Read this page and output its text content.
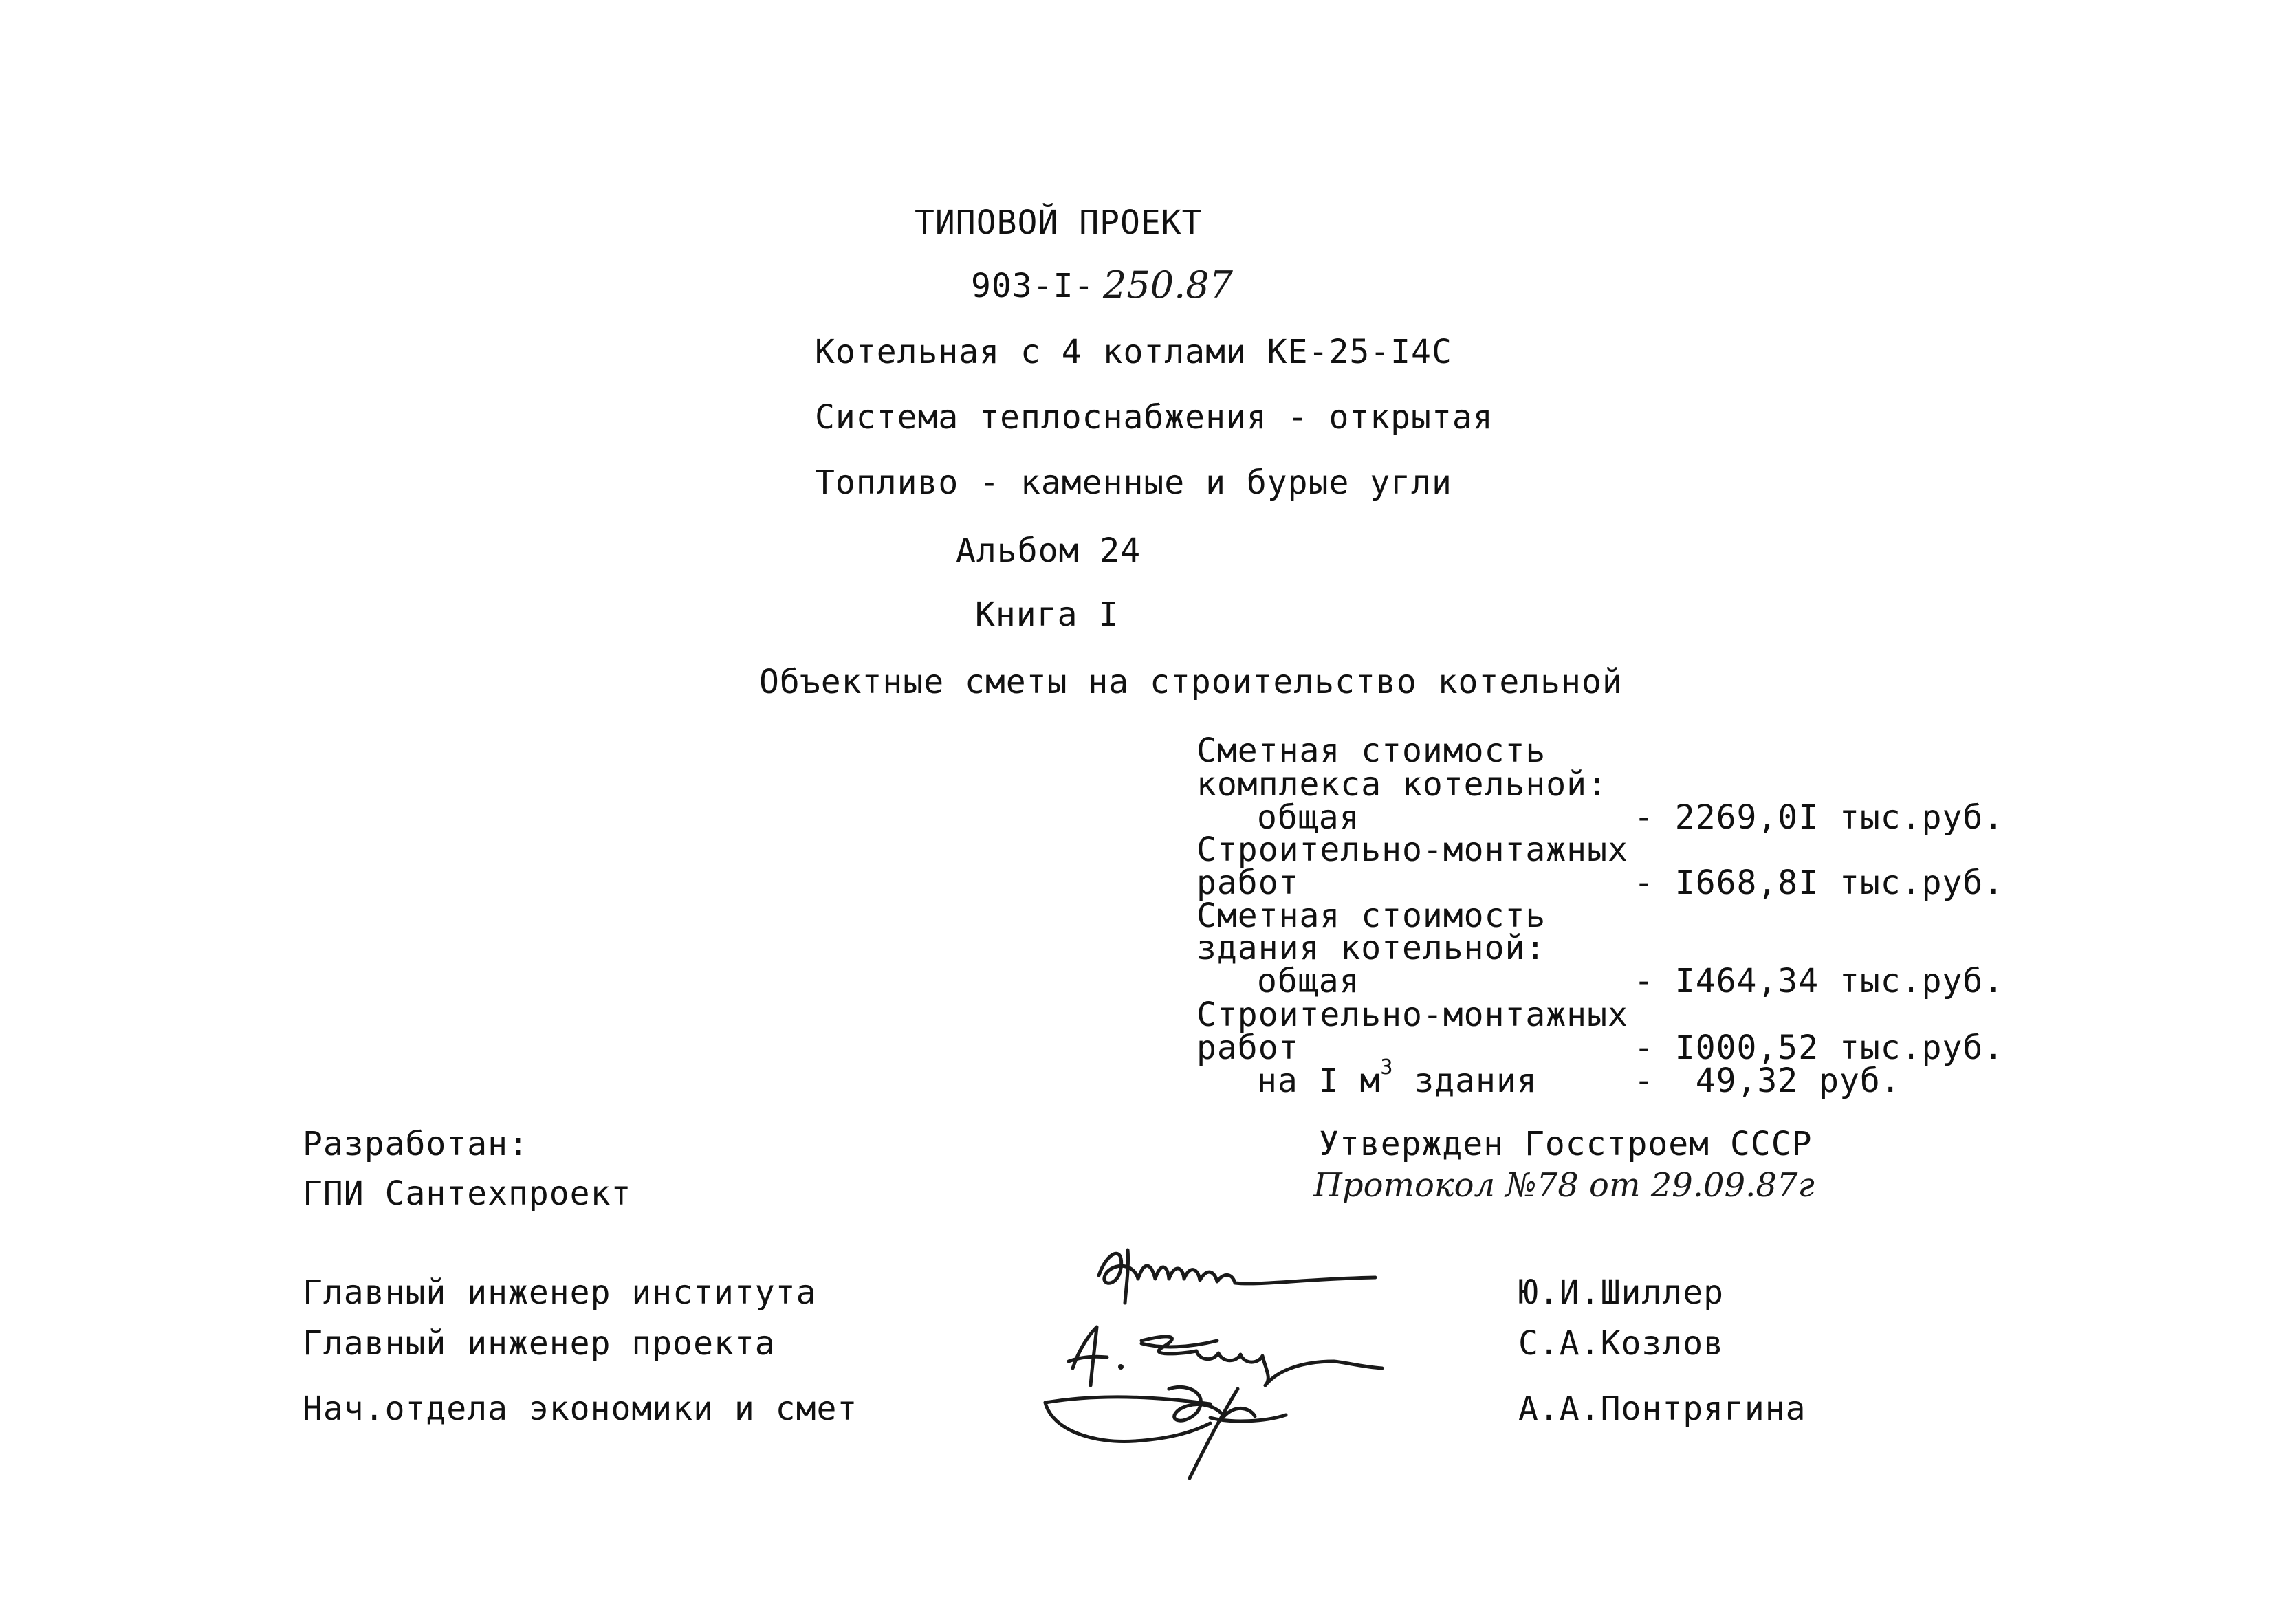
ТИПОВОЙ ПРОЕКТ
903-I- 250.87
Котельная с 4 котлами КЕ-25-I4С
Система теплоснабжения - открытая
Топливо - каменные и бурые угли
Альбом 24
Книга I
Объектные сметы на строительство котельной
Сметная стоимость
комплекса котельной:
общая	- 2269,0I тыс.руб.
Строительно-монтажных
работ	- I668,8I тыс.руб.
Сметная стоимость
здания котельной:
общая	- I464,34 тыс.руб.
Строительно-монтажных
работ	- I000,52 тыс.руб.
на I $м^3$ здания	-  49,32 руб.
Разработан:
ГПИ Сантехпроект
Утвержден Госстроем СССР
Протокол №78 от 29.09.87г
Главный инженер института	Ю.И.Шиллер
Главный инженер проекта	С.А.Козлов
Нач.отдела экономики и смет	А.А.Понтрягина
